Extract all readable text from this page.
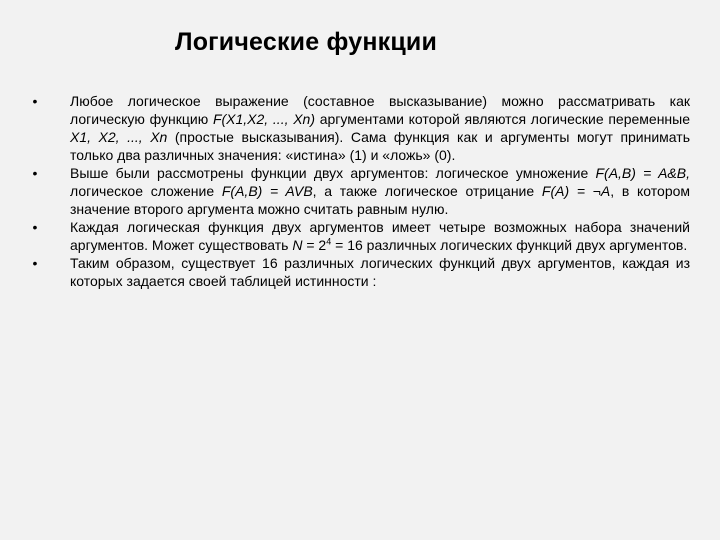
Логические функции
• Любое логическое выражение (составное высказывание) можно рассматривать как логическую функцию F(X1,X2, ..., Xn) аргументами которой являются логические переменные X1, X2, ..., Xn (простые высказывания). Сама функция как и аргументы могут принимать только два различных значения: «истина» (1) и «ложь» (0).
• Выше были рассмотрены функции двух аргументов: логическое умножение F(A,B) = A&B, логическое сложение F(A,B) = AVB, а также логическое отрицание F(A) = ¬A, в котором значение второго аргумента можно считать равным нулю.
• Каждая логическая функция двух аргументов имеет четыре возможных набора значений аргументов. Может существовать $N = 2^4 = 16$ различных логических функций двух аргументов.
• Таким образом, существует 16 различных логических функций двух аргументов, каждая из которых задается своей таблицей истинности :
